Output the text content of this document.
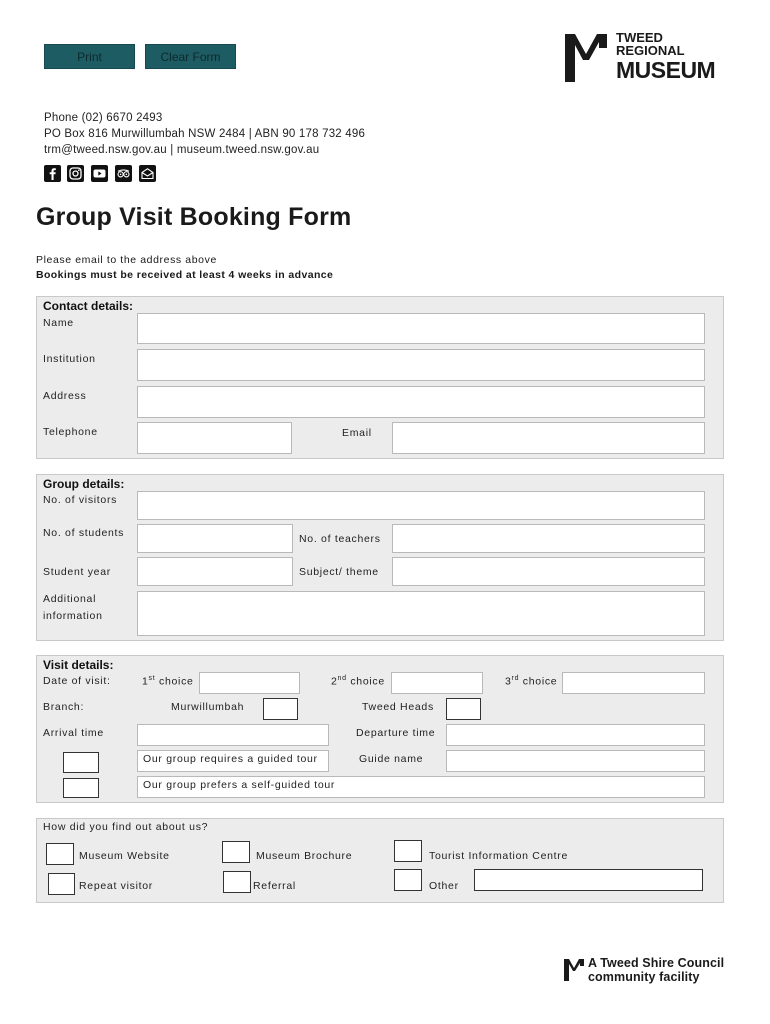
Print	Clear Form
TWEED
REGIONAL
MUSEUM
Phone (02) 6670 2493
PO Box 816 Murwillumbah NSW 2484 | ABN 90 178 732 496
trm@tweed.nsw.gov.au | museum.tweed.nsw.gov.au
Group Visit Booking Form
Please email to the address above
Bookings must be received at least 4 weeks in advance
Contact details:
Name
Institution
Address
Telephone	Email
Group details:
No. of visitors
No. of students	No. of teachers
Student year	Subject/ theme
Additional
information
Visit details:
Date of visit:	1st choice	2nd choice	3rd choice
Branch:	Murwillumbah	Tweed Heads
Arrival time	Departure time
Our group requires a guided tour	Guide name
Our group prefers a self-guided tour
How did you find out about us?
Museum Website	Museum Brochure	Tourist Information Centre
Repeat visitor	Referral	Other
A Tweed Shire Council
community facility
